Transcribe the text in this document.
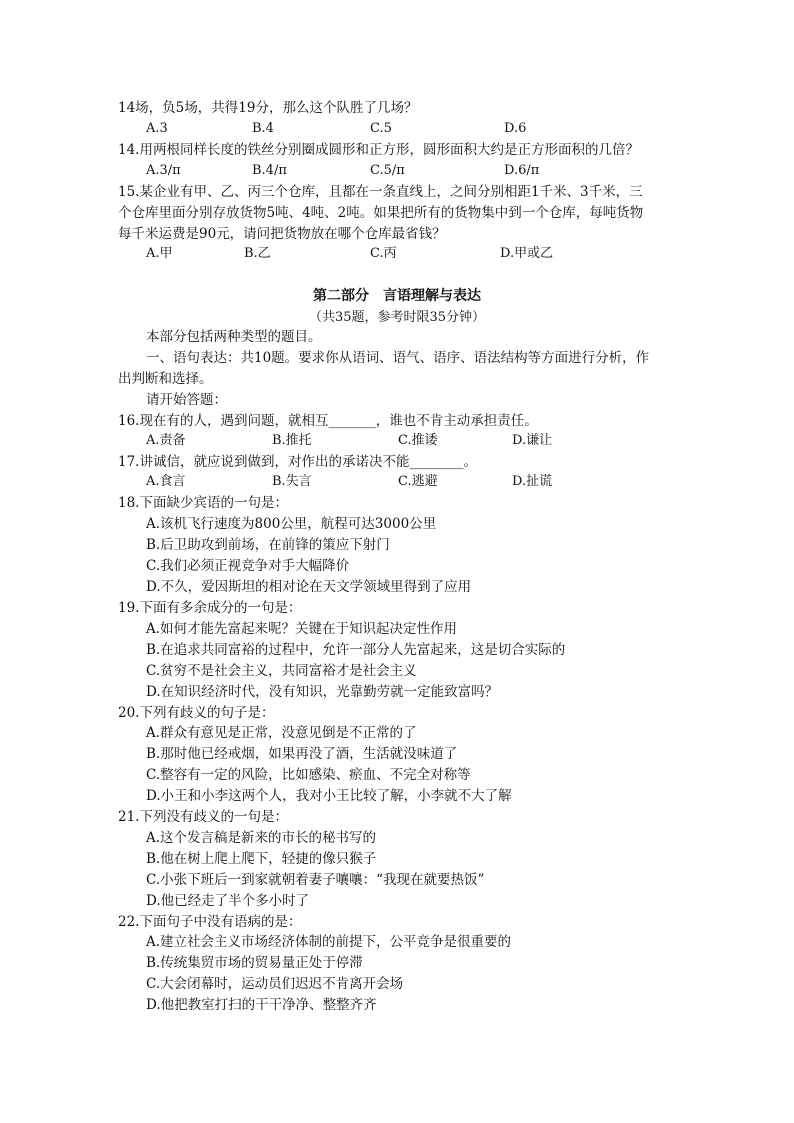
14场，负5场，共得19分，那么这个队胜了几场？
A.3	B.4	C.5	D.6
14.用两根同样长度的铁丝分别圈成圆形和正方形，圆形面积大约是正方形面积的几倍？
A.3/π	B.4/π	C.5/π	D.6/π
15.某企业有甲、乙、丙三个仓库，且都在一条直线上，之间分别相距1千米、3千米，三
个仓库里面分别存放货物5吨、4吨、2吨。如果把所有的货物集中到一个仓库，每吨货物
每千米运费是90元，请问把货物放在哪个仓库最省钱？
A.甲	B.乙	C.丙	D.甲或乙
第二部分　言语理解与表达
（共35题，参考时限35分钟）
本部分包括两种类型的题目。
一、语句表达：共10题。要求你从语词、语气、语序、语法结构等方面进行分析，作
出判断和选择。
请开始答题：
16.现在有的人，遇到问题，就相互_______，谁也不肯主动承担责任。
A.责备	B.推托	C.推诿	D.谦让
17.讲诚信，就应说到做到，对作出的承诺决不能________。
A.食言	B.失言	C.逃避	D.扯谎
18.下面缺少宾语的一句是：
A.该机飞行速度为800公里，航程可达3000公里
B.后卫助攻到前场，在前锋的策应下射门
C.我们必须正视竞争对手大幅降价
D.不久，爱因斯坦的相对论在天文学领域里得到了应用
19.下面有多余成分的一句是：
A.如何才能先富起来呢？关键在于知识起决定性作用
B.在追求共同富裕的过程中，允许一部分人先富起来，这是切合实际的
C.贫穷不是社会主义，共同富裕才是社会主义
D.在知识经济时代，没有知识，光靠勤劳就一定能致富吗？
20.下列有歧义的句子是：
A.群众有意见是正常，没意见倒是不正常的了
B.那时他已经戒烟，如果再没了酒，生活就没味道了
C.整容有一定的风险，比如感染、瘀血、不完全对称等
D.小王和小李这两个人，我对小王比较了解，小李就不大了解
21.下列没有歧义的一句是：
A.这个发言稿是新来的市长的秘书写的
B.他在树上爬上爬下，轻捷的像只猴子
C.小张下班后一到家就朝着妻子嚷嚷：“我现在就要热饭”
D.他已经走了半个多小时了
22.下面句子中没有语病的是：
A.建立社会主义市场经济体制的前提下，公平竞争是很重要的
B.传统集贸市场的贸易量正处于停滞
C.大会闭幕时，运动员们迟迟不肯离开会场
D.他把教室打扫的干干净净、整整齐齐
